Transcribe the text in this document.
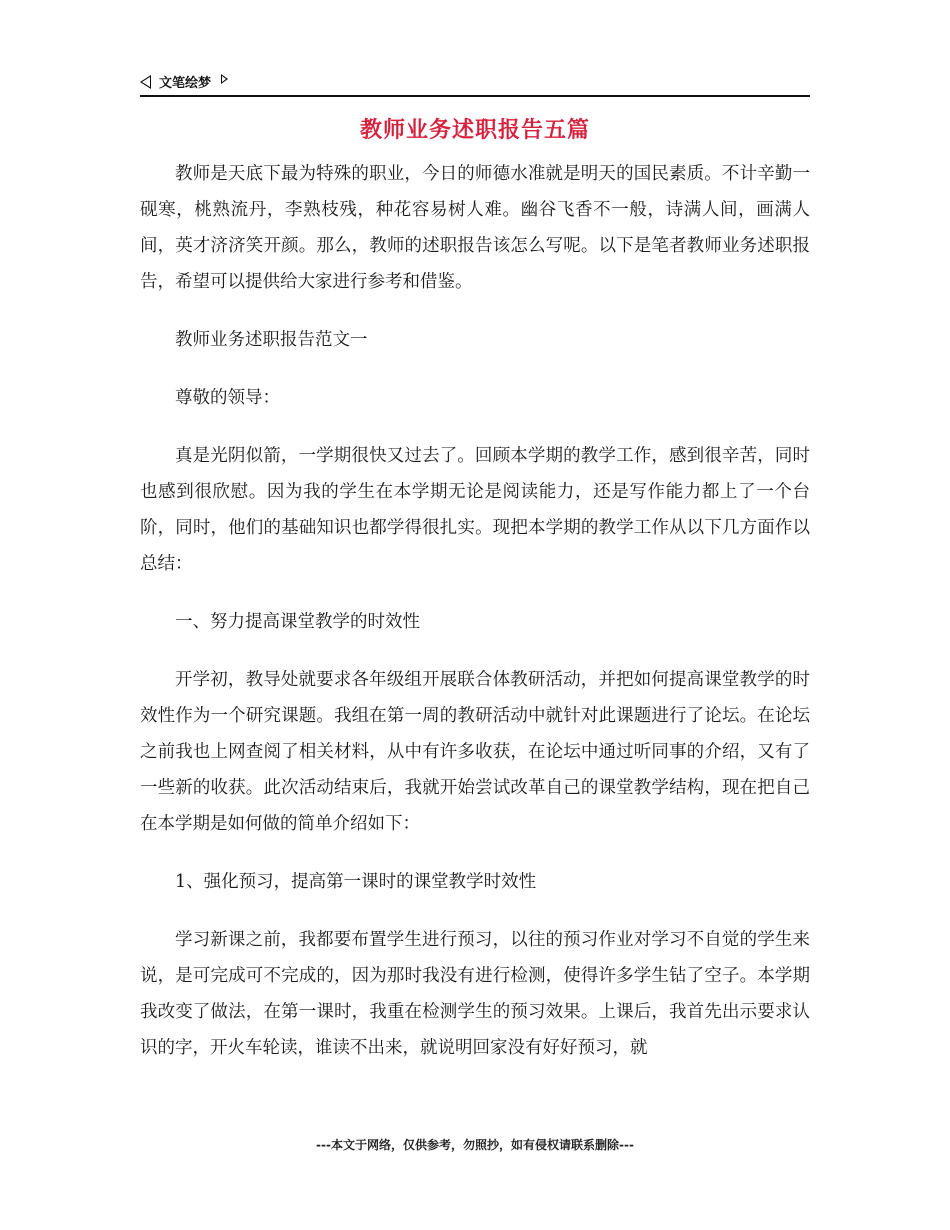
文笔绘梦
教师业务述职报告五篇

教师是天底下最为特殊的职业，今日的师德水准就是明天的国民素质。不计辛勤一砚寒，桃熟流丹，李熟枝残，种花容易树人难。幽谷飞香不一般，诗满人间，画满人间，英才济济笑开颜。那么，教师的述职报告该怎么写呢。以下是笔者教师业务述职报告，希望可以提供给大家进行参考和借鉴。

教师业务述职报告范文一

尊敬的领导：

真是光阴似箭，一学期很快又过去了。回顾本学期的教学工作，感到很辛苦，同时也感到很欣慰。因为我的学生在本学期无论是阅读能力，还是写作能力都上了一个台阶，同时，他们的基础知识也都学得很扎实。现把本学期的教学工作从以下几方面作以总结：

一、努力提高课堂教学的时效性

开学初，教导处就要求各年级组开展联合体教研活动，并把如何提高课堂教学的时效性作为一个研究课题。我组在第一周的教研活动中就针对此课题进行了论坛。在论坛之前我也上网查阅了相关材料，从中有许多收获，在论坛中通过听同事的介绍，又有了一些新的收获。此次活动结束后，我就开始尝试改革自己的课堂教学结构，现在把自己在本学期是如何做的简单介绍如下：

1、强化预习，提高第一课时的课堂教学时效性

学习新课之前，我都要布置学生进行预习，以往的预习作业对学习不自觉的学生来说，是可完成可不完成的，因为那时我没有进行检测，使得许多学生钻了空子。本学期我改变了做法，在第一课时，我重在检测学生的预习效果。上课后，我首先出示要求认识的字，开火车轮读，谁读不出来，就说明回家没有好好预习，就

---本文于网络，仅供参考，勿照抄，如有侵权请联系删除---
